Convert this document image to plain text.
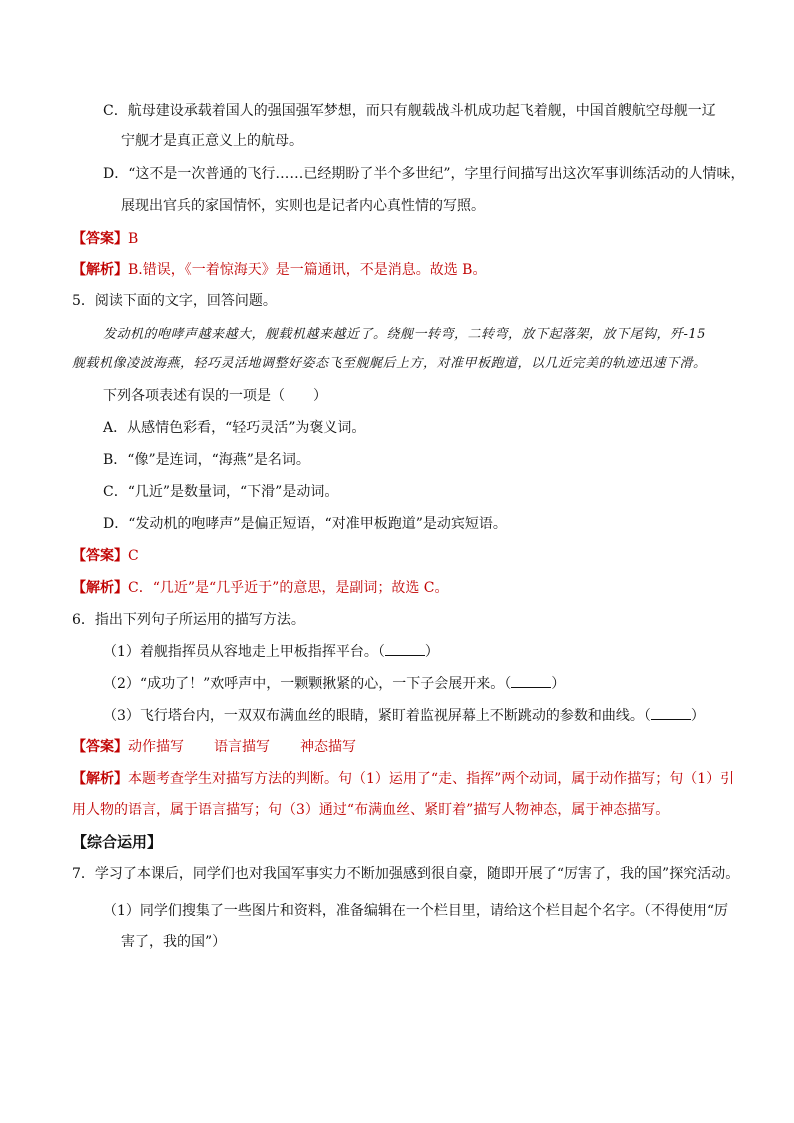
C．航母建设承载着国人的强国强军梦想，而只有舰载战斗机成功起飞着舰，中国首艘航空母舰一辽
宁舰才是真正意义上的航母。
D．“这不是一次普通的飞行……已经期盼了半个多世纪”，字里行间描写出这次军事训练活动的人情味，
展现出官兵的家国情怀，实则也是记者内心真性情的写照。
【答案】B
【解析】B.错误，《一着惊海天》是一篇通讯，不是消息。故选 B。
5．阅读下面的文字，回答问题。
发动机的咆哮声越来越大，舰载机越来越近了。绕舰一转弯，二转弯，放下起落架，放下尾钩，歼-15
舰载机像凌波海燕，轻巧灵活地调整好姿态飞至舰艉后上方，对准甲板跑道，以几近完美的轨迹迅速下滑。
下列各项表述有误的一项是（　　）
A．从感情色彩看，“轻巧灵活”为褒义词。
B．“像”是连词，“海燕”是名词。
C．“几近”是数量词，“下滑”是动词。
D．“发动机的咆哮声”是偏正短语，“对准甲板跑道”是动宾短语。
【答案】C
【解析】C．“几近”是“几乎近于”的意思，是副词；故选 C。
6．指出下列句子所运用的描写方法。
（1）着舰指挥员从容地走上甲板指挥平台。（	）
（2）“成功了！”欢呼声中，一颗颗揪紧的心，一下子会展开来。（	）
（3）飞行塔台内，一双双布满血丝的眼睛，紧盯着监视屏幕上不断跳动的参数和曲线。（	）
【答案】动作描写 语言描写 神态描写
【解析】本题考查学生对描写方法的判断。句（1）运用了“走、指挥”两个动词，属于动作描写；句（1）引
用人物的语言，属于语言描写；句（3）通过“布满血丝、紧盯着”描写人物神态，属于神态描写。
【综合运用】
7．学习了本课后，同学们也对我国军事实力不断加强感到很自豪，随即开展了“厉害了，我的国”探究活动。
（1）同学们搜集了一些图片和资料，准备编辑在一个栏目里，请给这个栏目起个名字。（不得使用“厉
害了，我的国”）
